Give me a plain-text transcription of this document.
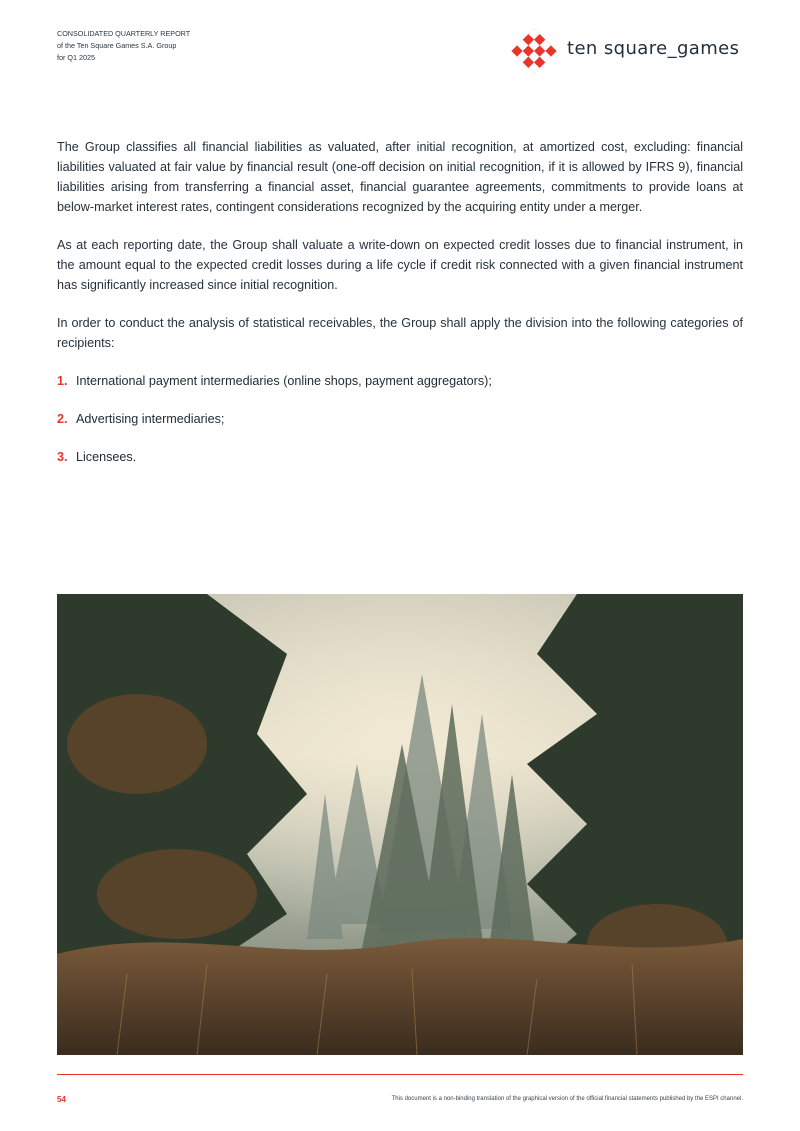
CONSOLIDATED QUARTERLY REPORT
of the Ten Square Games S.A. Group
for Q1 2025	ten square_games

The Group classifies all financial liabilities as valuated, after initial recognition, at amortized cost, excluding: financial liabilities valuated at fair value by financial result (one-off decision on initial recognition, if it is allowed by IFRS 9), financial liabilities arising from transferring a financial asset, financial guarantee agreements, commitments to provide loans at below-market interest rates, contingent considerations recognized by the acquiring entity under a merger.

As at each reporting date, the Group shall valuate a write-down on expected credit losses due to financial instrument, in the amount equal to the expected credit losses during a life cycle if credit risk connected with a given financial instrument has significantly increased since initial recognition.

In order to conduct the analysis of statistical receivables, the Group shall apply the division into the following categories of recipients:

1. International payment intermediaries (online shops, payment aggregators);
2. Advertising intermediaries;
3. Licensees.
54	This document is a non-binding translation of the graphical version of the official financial statements published by the ESPI channel.
